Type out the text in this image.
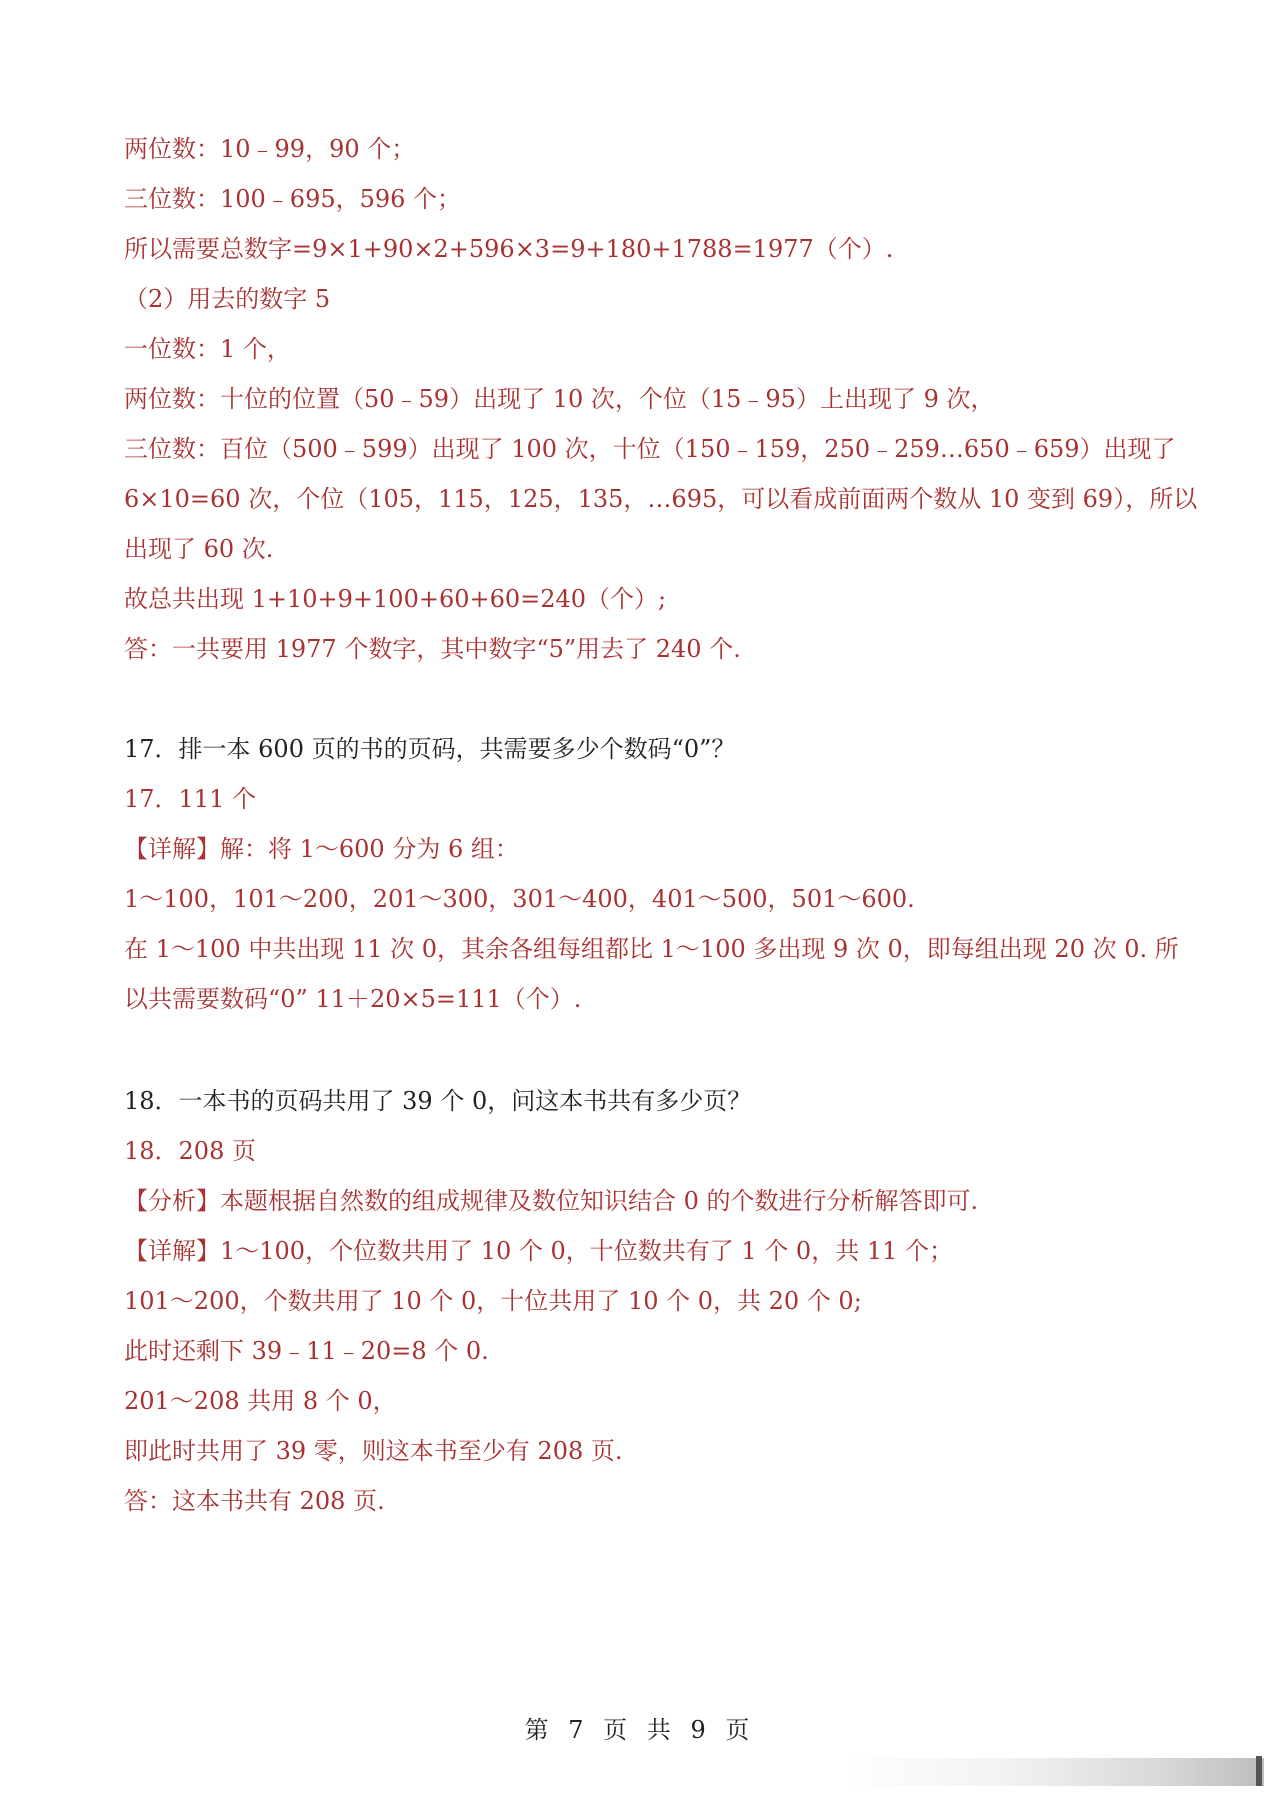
两位数：10﹣99，90 个；
三位数：100﹣695，596 个；
所以需要总数字=9×1+90×2+596×3=9+180+1788=1977（个）.
（2）用去的数字 5
一位数：1 个，
两位数：十位的位置（50﹣59）出现了 10 次，个位（15﹣95）上出现了 9 次，
三位数：百位（500﹣599）出现了 100 次，十位（150﹣159，250﹣259…650﹣659）出现了
6×10=60 次，个位（105，115，125，135，…695，可以看成前面两个数从 10 变到 69），所以
出现了 60 次.
故总共出现 1+10+9+100+60+60=240（个）;
答：一共要用 1977 个数字，其中数字“5”用去了 240 个.
17．排一本 600 页的书的页码，共需要多少个数码“0”？
17．111 个
【详解】解：将 1～600 分为 6 组：
1～100，101～200，201～300，301～400，401～500，501～600.
在 1～100 中共出现 11 次 0，其余各组每组都比 1～100 多出现 9 次 0，即每组出现 20 次 0. 所
以共需要数码“0” 11＋20×5=111（个）.
18．一本书的页码共用了 39 个 0，问这本书共有多少页？
18．208 页
【分析】本题根据自然数的组成规律及数位知识结合 0 的个数进行分析解答即可.
【详解】1～100，个位数共用了 10 个 0，十位数共有了 1 个 0，共 11 个；
101～200，个数共用了 10 个 0，十位共用了 10 个 0，共 20 个 0;
此时还剩下 39﹣11﹣20=8 个 0.
201～208 共用 8 个 0，
即此时共用了 39 零，则这本书至少有 208 页.
答：这本书共有 208 页.
第 7 页 共 9 页
